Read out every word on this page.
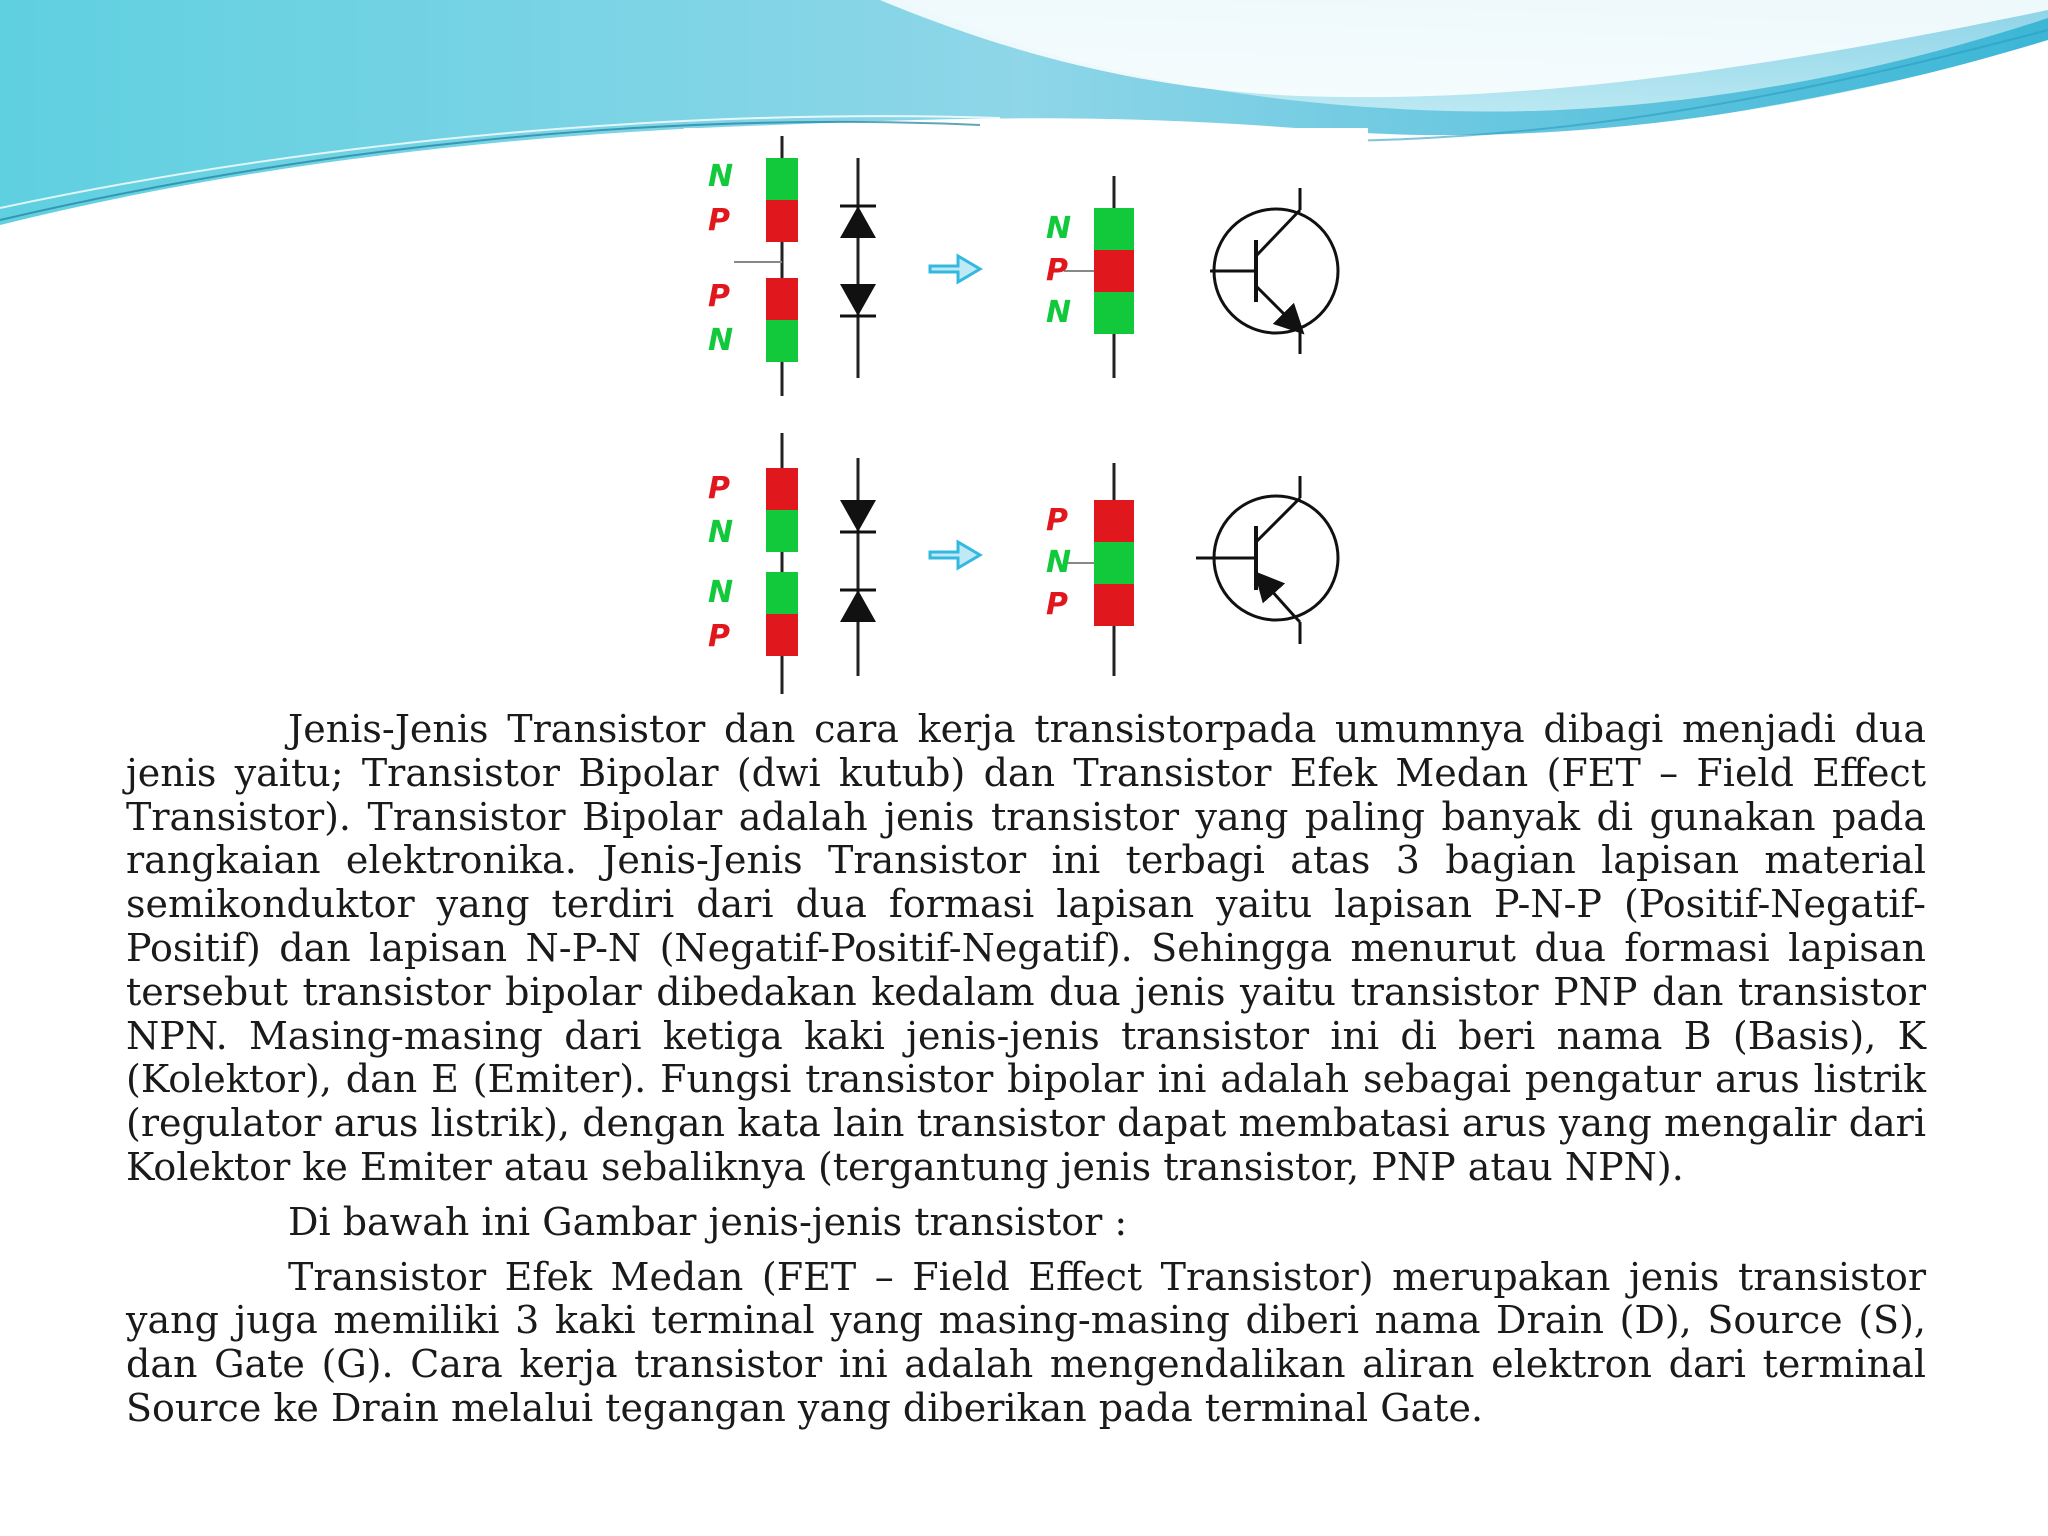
N
P
P
N
N
P
N
P
N
N
P
P
N
P

Jenis-Jenis Transistor dan cara kerja transistorpada umumnya dibagi menjadi dua jenis yaitu; Transistor Bipolar (dwi kutub) dan Transistor Efek Medan (FET – Field Effect Transistor). Transistor Bipolar adalah jenis transistor yang paling banyak di gunakan pada rangkaian elektronika. Jenis-Jenis Transistor ini terbagi atas 3 bagian lapisan material semikonduktor yang terdiri dari dua formasi lapisan yaitu lapisan P-N-P (Positif-Negatif-Positif) dan lapisan N-P-N (Negatif-Positif-Negatif). Sehingga menurut dua formasi lapisan tersebut transistor bipolar dibedakan kedalam dua jenis yaitu transistor PNP dan transistor NPN. Masing-masing dari ketiga kaki jenis-jenis transistor ini di beri nama B (Basis), K (Kolektor), dan E (Emiter). Fungsi transistor bipolar ini adalah sebagai pengatur arus listrik (regulator arus listrik), dengan kata lain transistor dapat membatasi arus yang mengalir dari Kolektor ke Emiter atau sebaliknya (tergantung jenis transistor, PNP atau NPN).

Di bawah ini Gambar jenis-jenis transistor :

Transistor Efek Medan (FET – Field Effect Transistor) merupakan jenis transistor yang juga memiliki 3 kaki terminal yang masing-masing diberi nama Drain (D), Source (S), dan Gate (G). Cara kerja transistor ini adalah mengendalikan aliran elektron dari terminal Source ke Drain melalui tegangan yang diberikan pada terminal Gate.
